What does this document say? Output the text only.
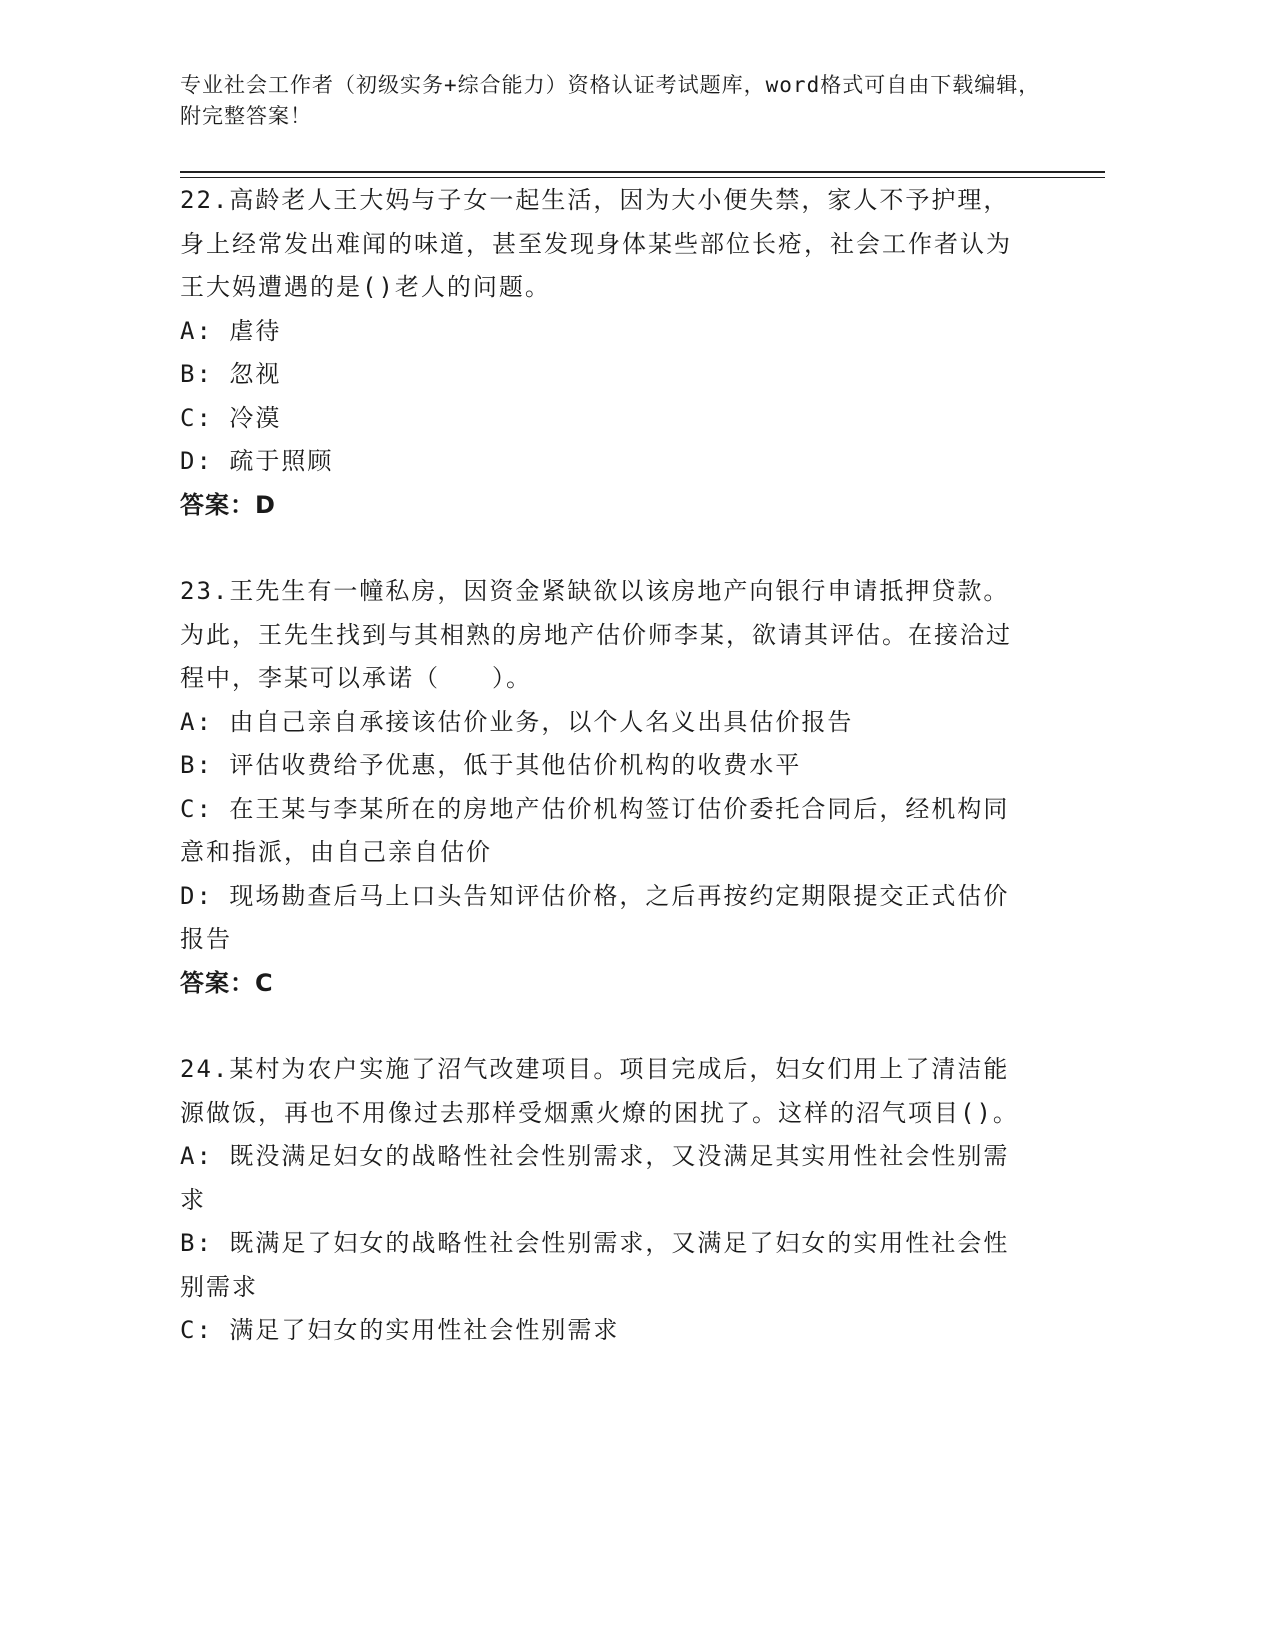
专业社会工作者（初级实务+综合能力）资格认证考试题库，word格式可自由下载编辑，附完整答案！
22.高龄老人王大妈与子女一起生活，因为大小便失禁，家人不予护理，身上经常发出难闻的味道，甚至发现身体某些部位长疮，社会工作者认为王大妈遭遇的是()老人的问题。
A: 虐待
B: 忽视
C: 冷漠
D: 疏于照顾
答案：D
23.王先生有一幢私房，因资金紧缺欲以该房地产向银行申请抵押贷款。为此，王先生找到与其相熟的房地产估价师李某，欲请其评估。在接洽过程中，李某可以承诺（　　）。
A: 由自己亲自承接该估价业务，以个人名义出具估价报告
B: 评估收费给予优惠，低于其他估价机构的收费水平
C: 在王某与李某所在的房地产估价机构签订估价委托合同后，经机构同意和指派，由自己亲自估价
D: 现场勘查后马上口头告知评估价格，之后再按约定期限提交正式估价报告
答案：C
24.某村为农户实施了沼气改建项目。项目完成后，妇女们用上了清洁能源做饭，再也不用像过去那样受烟熏火燎的困扰了。这样的沼气项目()。
A: 既没满足妇女的战略性社会性别需求，又没满足其实用性社会性别需求
B: 既满足了妇女的战略性社会性别需求，又满足了妇女的实用性社会性别需求
C: 满足了妇女的实用性社会性别需求
